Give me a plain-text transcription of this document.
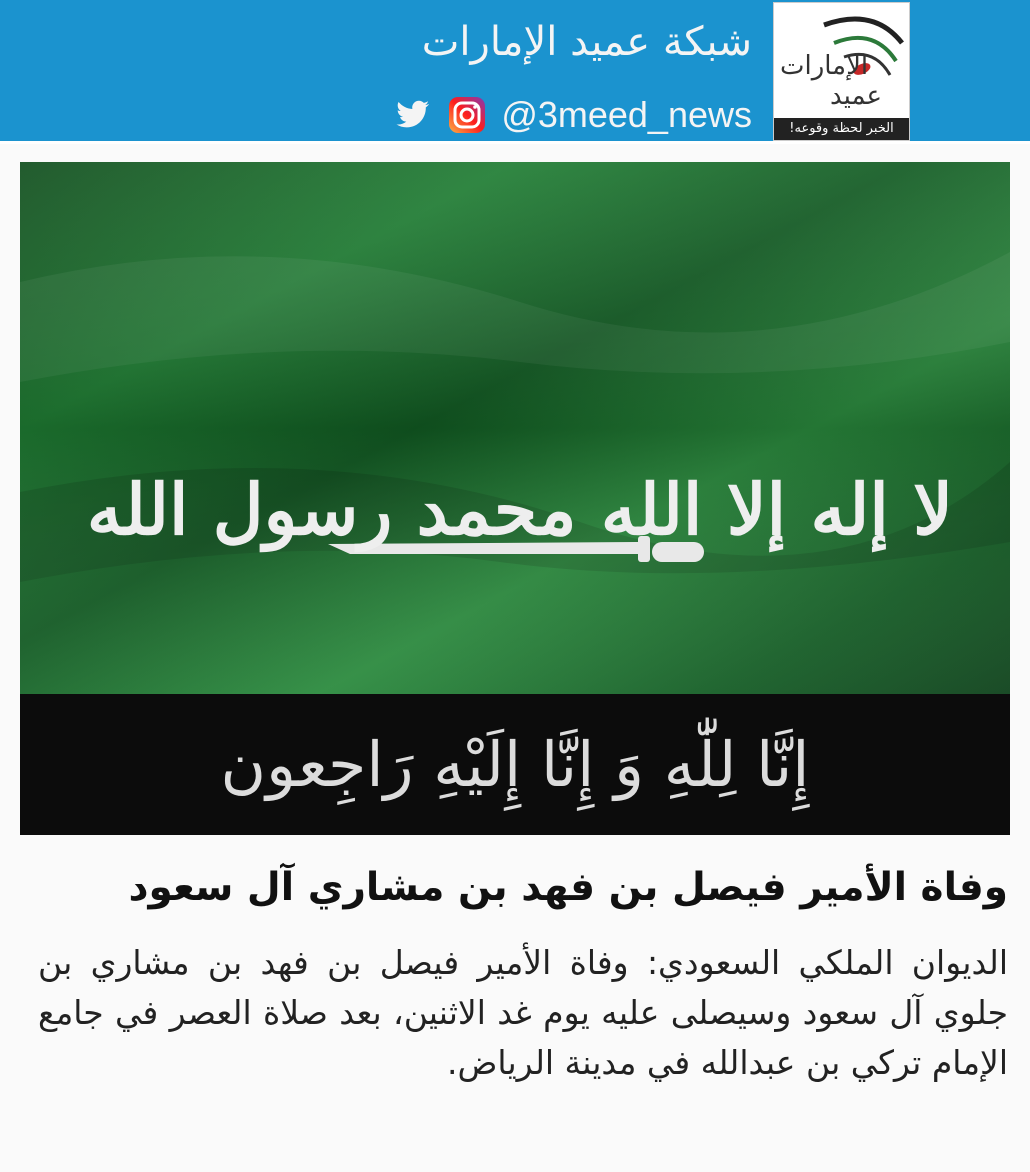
شبكة عميد الإمارات
@3meed_news
الإمارات
عميد
الخبر لحظة وقوعه!
لا إله إلا الله محمد رسول الله
إِنَّا لِلّٰهِ وَ إِنَّا إِلَيْهِ رَاجِعون
وفاة الأمير فيصل بن فهد بن مشاري آل سعود
الديوان الملكي السعودي: وفاة الأمير فيصل بن فهد بن مشاري بن جلوي آل سعود وسيصلى عليه يوم غد الاثنين، بعد صلاة العصر في جامع الإمام تركي بن عبدالله في مدينة الرياض.
